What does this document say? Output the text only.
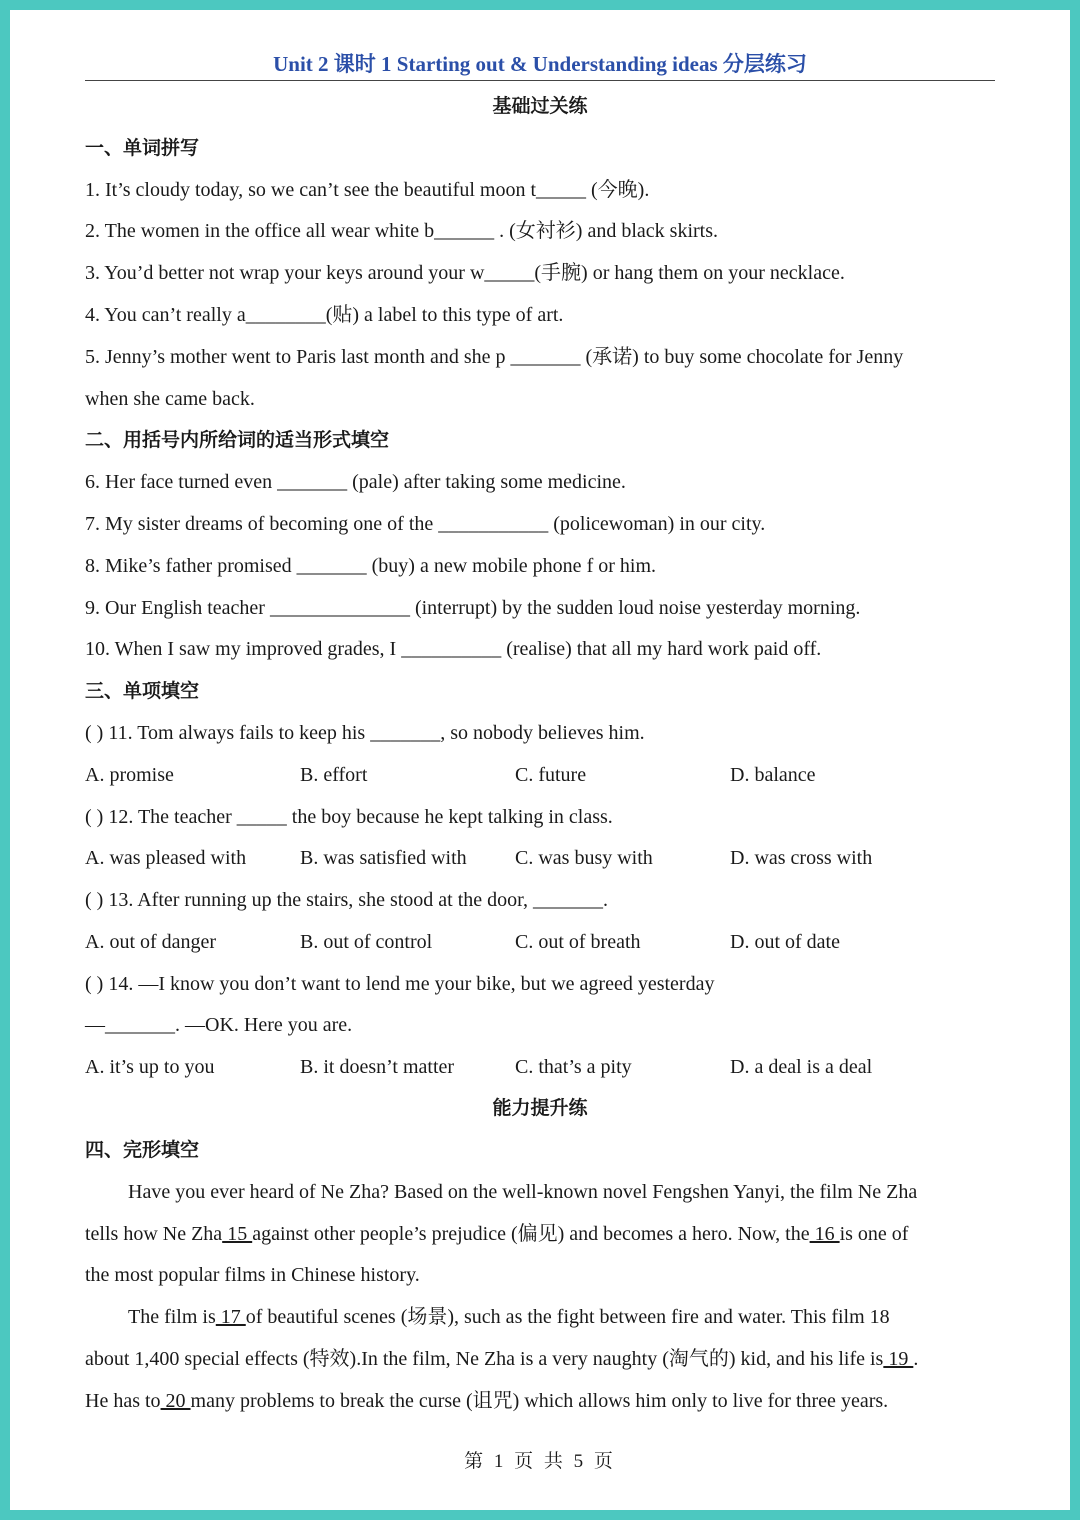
Unit 2 课时 1 Starting out & Understanding ideas 分层练习
基础过关练
一、单词拼写
1. It’s cloudy today, so we can’t see the beautiful moon t_____ (今晚).
2. The women in the office all wear white b______ . (女衬衫) and black skirts.
3. You’d better not wrap your keys around your w_____(手腕) or hang them on your necklace.
4. You can’t really a________(贴) a label to this type of art.
5. Jenny’s mother went to Paris last month and she p _______ (承诺) to buy some chocolate for Jenny
when she came back.
二、用括号内所给词的适当形式填空
6. Her face turned even _______ (pale) after taking some medicine.
7. My sister dreams of becoming one of the ___________ (policewoman) in our city.
8. Mike’s father promised _______ (buy) a new mobile phone f or him.
9. Our English teacher ______________ (interrupt) by the sudden loud noise yesterday morning.
10. When I saw my improved grades, I __________ (realise) that all my hard work paid off.
三、单项填空
( ) 11. Tom always fails to keep his _______, so nobody believes him.
A. promise	B. effort	C. future	D. balance
( ) 12. The teacher _____ the boy because he kept talking in class.
A. was pleased with	B. was satisfied with C. was busy with	D. was cross with
( ) 13. After running up the stairs, she stood at the door, _______.
A. out of danger	B. out of control	C. out of breath	D. out of date
( ) 14. —I know you don’t want to lend me your bike, but we agreed yesterday
—_______. —OK. Here you are.
A. it’s up to you	B. it doesn’t matter	C. that’s a pity	D. a deal is a deal
能力提升练
四、完形填空
Have you ever heard of Ne Zha? Based on the well-known novel Fengshen Yanyi, the film Ne Zha
tells how Ne Zha 15 against other people’s prejudice (偏见) and becomes a hero. Now, the 16 is one of
the most popular films in Chinese history.
The film is 17 of beautiful scenes (场景), such as the fight between fire and water. This film 18
about 1,400 special effects (特效).In the film, Ne Zha is a very naughty (淘气的) kid, and his life is 19 .
He has to 20 many problems to break the curse (诅咒) which allows him only to live for three years.
第 1 页 共 5 页
